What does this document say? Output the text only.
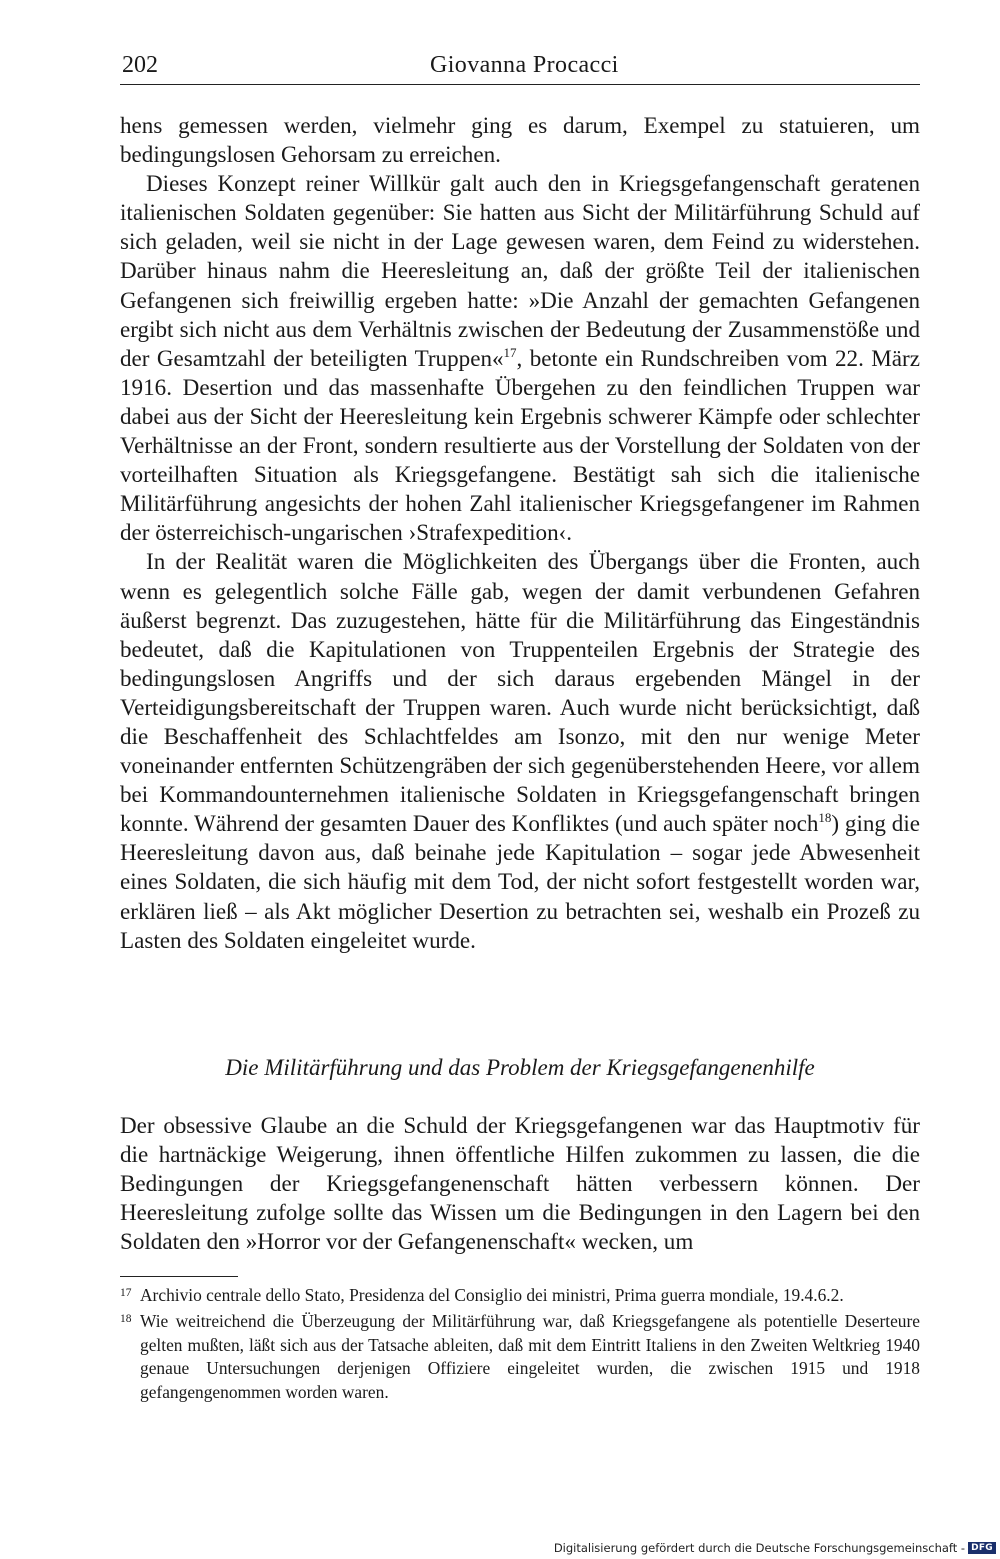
202	Giovanna Procacci

hens gemessen werden, vielmehr ging es darum, Exempel zu statuieren, um bedingungslosen Gehorsam zu erreichen.

Dieses Konzept reiner Willkür galt auch den in Kriegsgefangenschaft geratenen italienischen Soldaten gegenüber: Sie hatten aus Sicht der Militärführung Schuld auf sich geladen, weil sie nicht in der Lage gewesen waren, dem Feind zu widerstehen. Darüber hinaus nahm die Heeresleitung an, daß der größte Teil der italienischen Gefangenen sich freiwillig ergeben hatte: »Die Anzahl der gemachten Gefangenen ergibt sich nicht aus dem Verhältnis zwischen der Bedeutung der Zusammenstöße und der Gesamtzahl der beteiligten Truppen«$^{17}$, betonte ein Rundschreiben vom 22. März 1916. Desertion und das massenhafte Übergehen zu den feindlichen Truppen war dabei aus der Sicht der Heeresleitung kein Ergebnis schwerer Kämpfe oder schlechter Verhältnisse an der Front, sondern resultierte aus der Vorstellung der Soldaten von der vorteilhaften Situation als Kriegsgefangene. Bestätigt sah sich die italienische Militärführung angesichts der hohen Zahl italienischer Kriegsgefangener im Rahmen der österreichisch-ungarischen ›Strafexpedition‹.

In der Realität waren die Möglichkeiten des Übergangs über die Fronten, auch wenn es gelegentlich solche Fälle gab, wegen der damit verbundenen Gefahren äußerst begrenzt. Das zuzugestehen, hätte für die Militärführung das Eingeständnis bedeutet, daß die Kapitulationen von Truppenteilen Ergebnis der Strategie des bedingungslosen Angriffs und der sich daraus ergebenden Mängel in der Verteidigungsbereitschaft der Truppen waren. Auch wurde nicht berücksichtigt, daß die Beschaffenheit des Schlachtfeldes am Isonzo, mit den nur wenige Meter voneinander entfernten Schützengräben der sich gegenüberstehenden Heere, vor allem bei Kommandounternehmen italienische Soldaten in Kriegsgefangenschaft bringen konnte. Während der gesamten Dauer des Konfliktes (und auch später noch$^{18}$) ging die Heeresleitung davon aus, daß beinahe jede Kapitulation – sogar jede Abwesenheit eines Soldaten, die sich häufig mit dem Tod, der nicht sofort festgestellt worden war, erklären ließ – als Akt möglicher Desertion zu betrachten sei, weshalb ein Prozeß zu Lasten des Soldaten eingeleitet wurde.

Die Militärführung und das Problem der Kriegsgefangenenhilfe

Der obsessive Glaube an die Schuld der Kriegsgefangenen war das Hauptmotiv für die hartnäckige Weigerung, ihnen öffentliche Hilfen zukommen zu lassen, die die Bedingungen der Kriegsgefangenenschaft hätten verbessern können. Der Heeresleitung zufolge sollte das Wissen um die Bedingungen in den Lagern bei den Soldaten den »Horror vor der Gefangenenschaft« wecken, um

17 Archivio centrale dello Stato, Presidenza del Consiglio dei ministri, Prima guerra mondiale, 19.4.6.2.
18 Wie weitreichend die Überzeugung der Militärführung war, daß Kriegsgefangene als potentielle Deserteure gelten mußten, läßt sich aus der Tatsache ableiten, daß mit dem Eintritt Italiens in den Zweiten Weltkrieg 1940 genaue Untersuchungen derjenigen Offiziere eingeleitet wurden, die zwischen 1915 und 1918 gefangengenommen worden waren.
Digitalisierung gefördert durch die Deutsche Forschungsgemeinschaft - DFG
